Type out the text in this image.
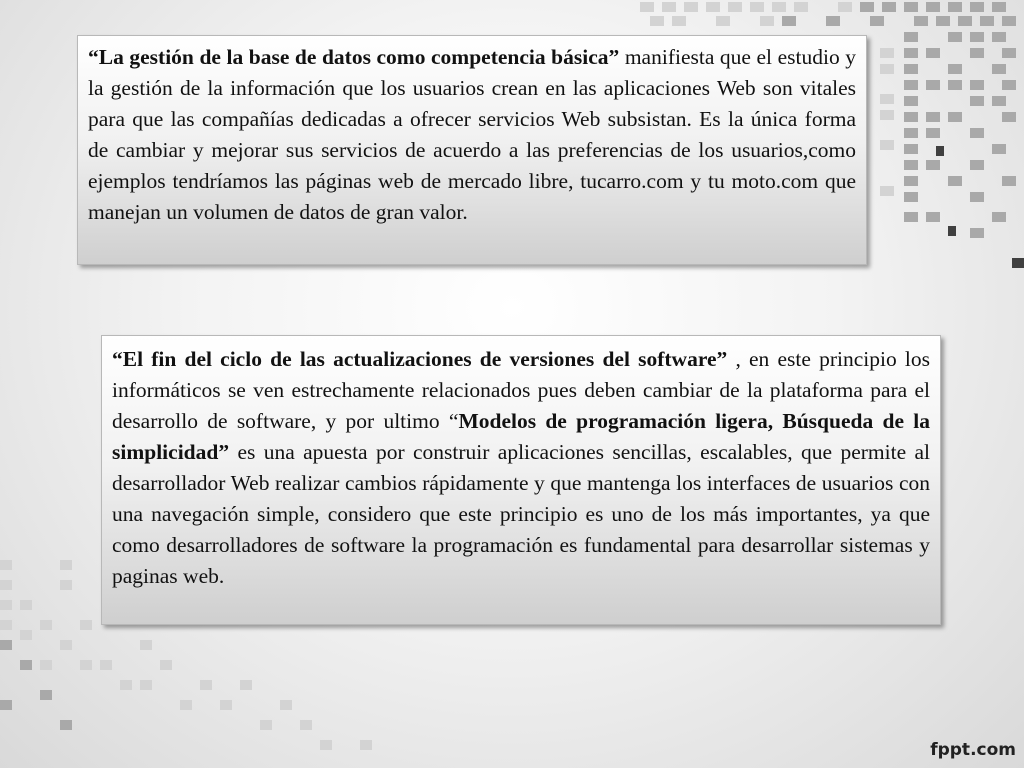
“La gestión de la base de datos como competencia básica” manifiesta que el estudio y la gestión de la información que los usuarios crean en las aplicaciones Web son vitales para que las compañías dedicadas a ofrecer servicios Web subsistan. Es la única forma de cambiar y mejorar sus servicios de acuerdo a las preferencias de los usuarios,como ejemplos tendríamos las páginas web de mercado libre, tucarro.com y tu moto.com que manejan un volumen de datos de gran valor.
“El fin del ciclo de las actualizaciones de versiones del software” , en este principio los informáticos se ven estrechamente relacionados pues deben cambiar de la plataforma para el desarrollo de software, y por ultimo “Modelos de programación ligera, Búsqueda de la simplicidad” es una apuesta por construir aplicaciones sencillas, escalables, que permite al desarrollador Web realizar cambios rápidamente y que mantenga los interfaces de usuarios con una navegación simple, considero que este principio es uno de los más importantes, ya que como desarrolladores de software la programación es fundamental para desarrollar sistemas y paginas web.
fppt.com
